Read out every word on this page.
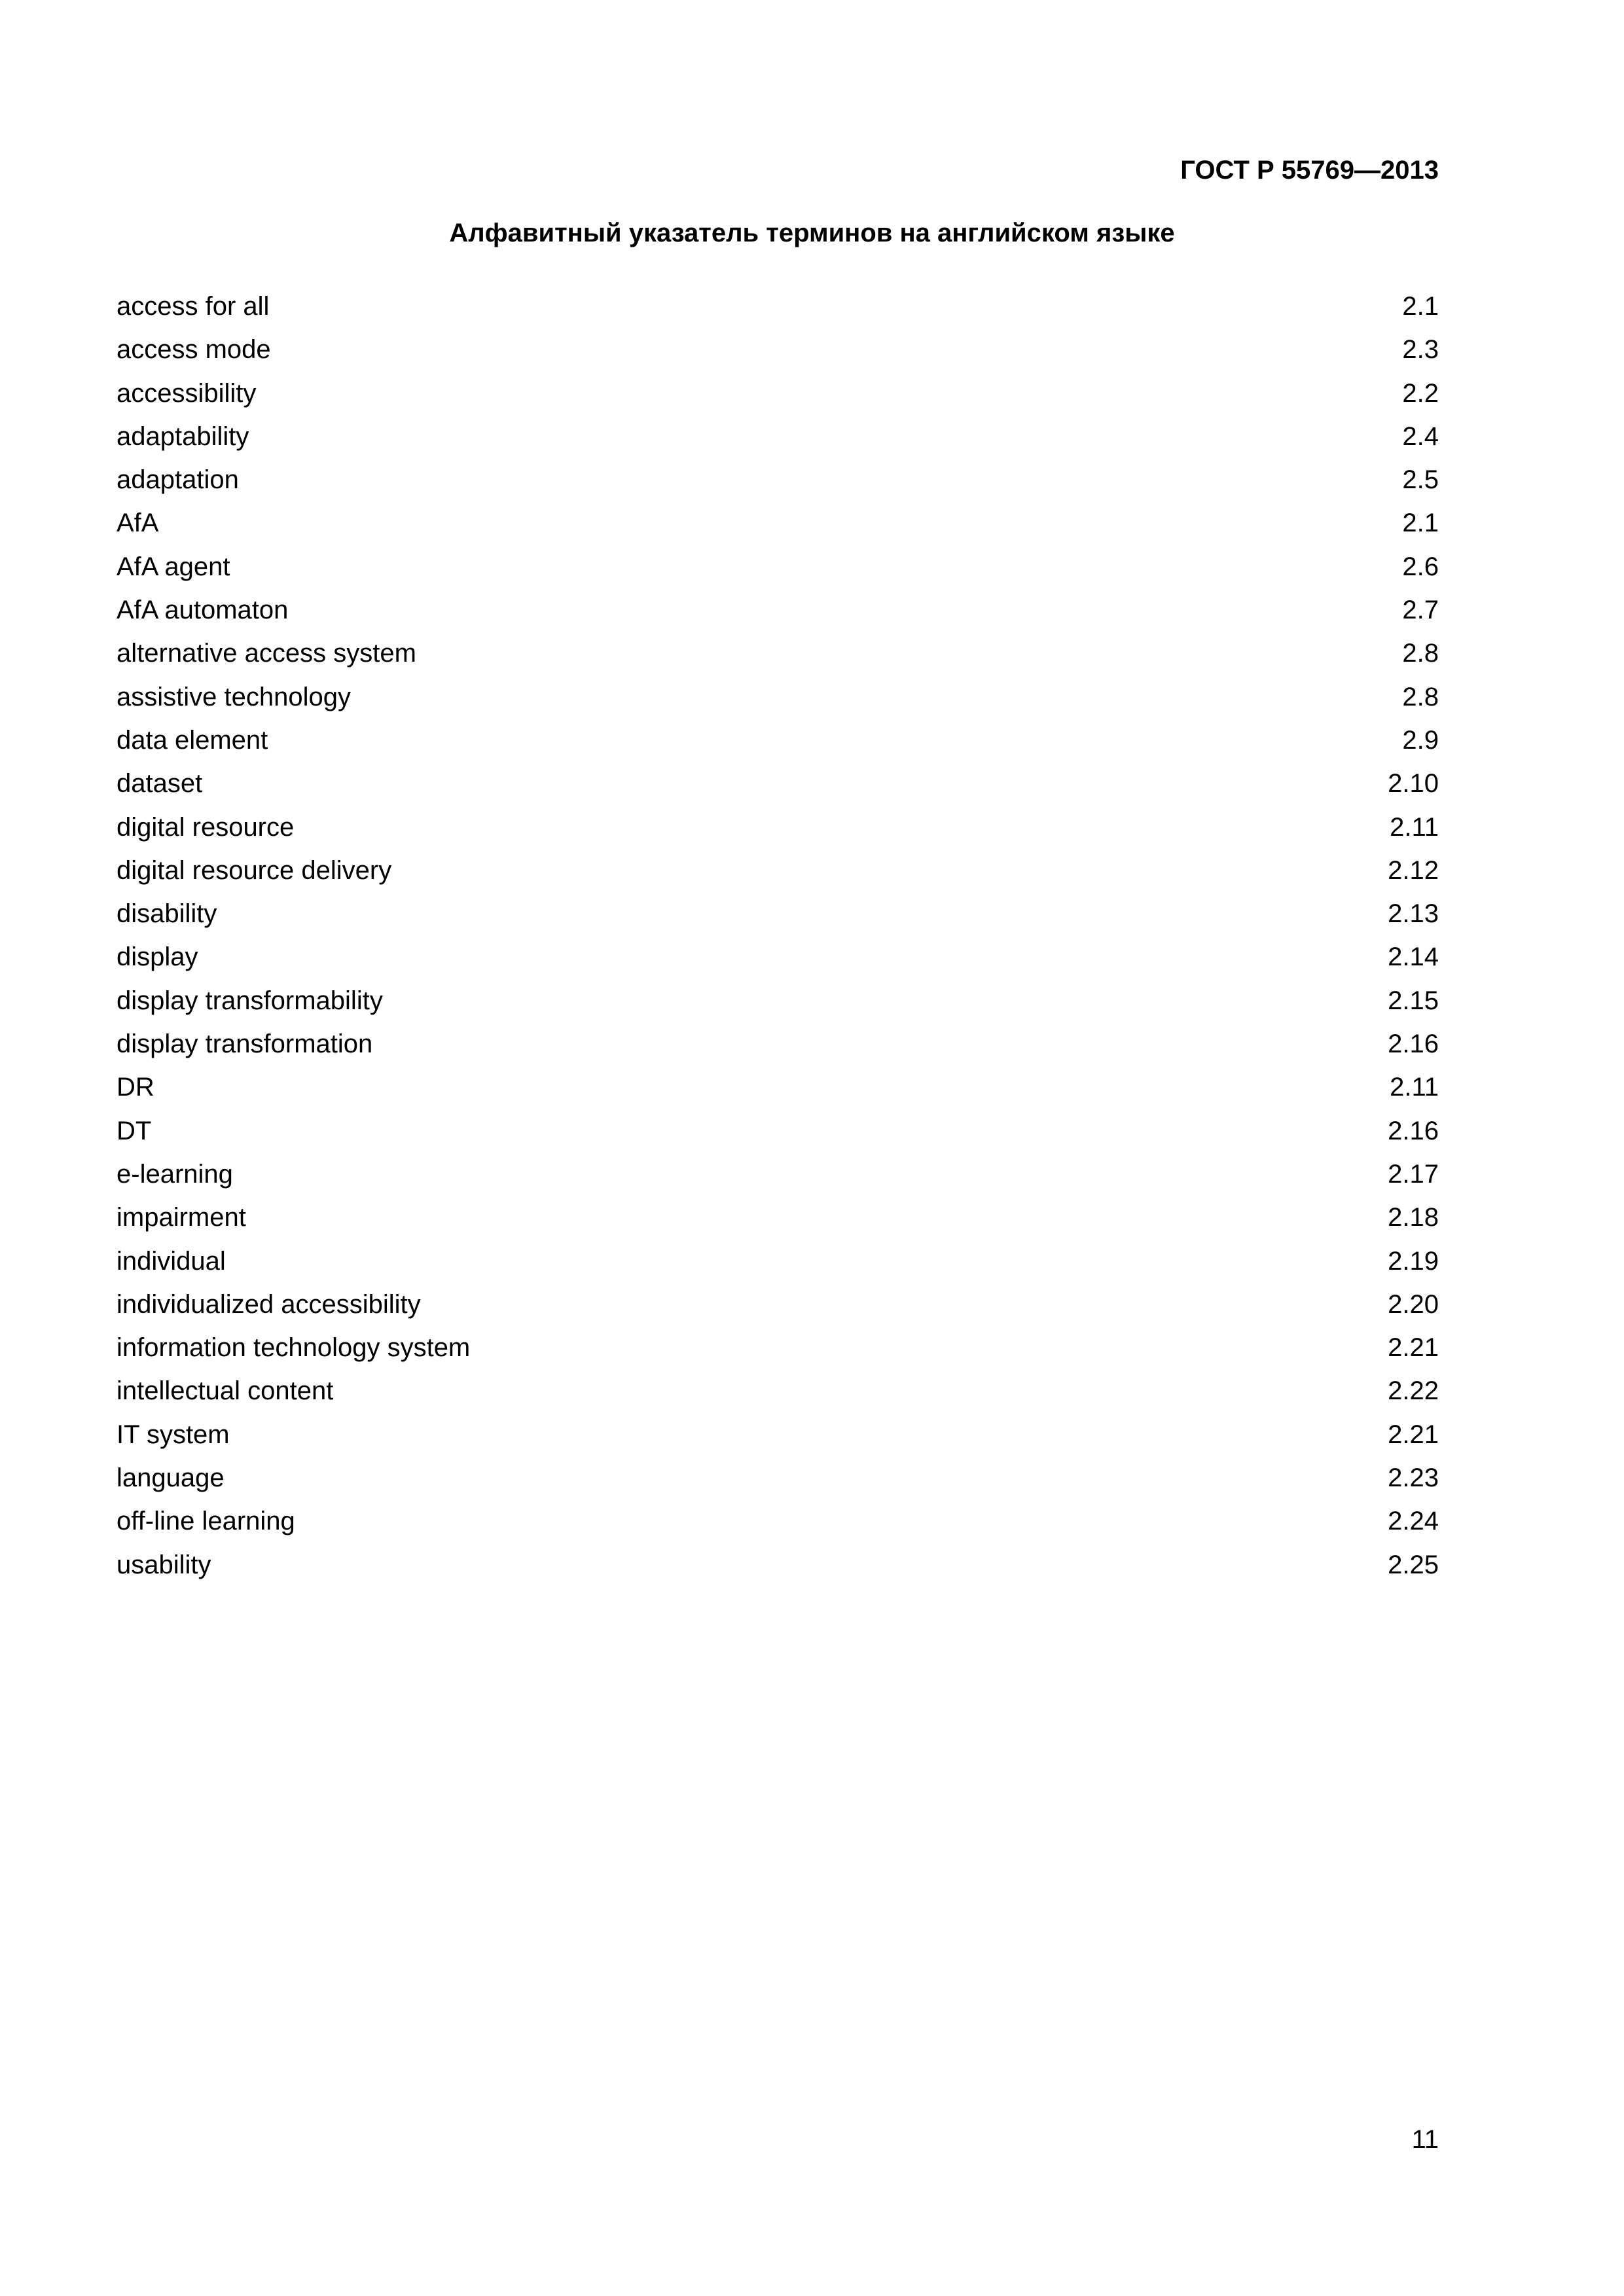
ГОСТ Р 55769—2013
Алфавитный указатель терминов на английском языке
access for all	2.1
access mode	2.3
accessibility	2.2
adaptability	2.4
adaptation	2.5
AfA	2.1
AfA agent	2.6
AfA automaton	2.7
alternative access system	2.8
assistive technology	2.8
data element	2.9
dataset	2.10
digital resource	2.11
digital resource delivery	2.12
disability	2.13
display	2.14
display transformability	2.15
display transformation	2.16
DR	2.11
DT	2.16
e-learning	2.17
impairment	2.18
individual	2.19
individualized accessibility	2.20
information technology system	2.21
intellectual content	2.22
IT system	2.21
language	2.23
off-line learning	2.24
usability	2.25
11
